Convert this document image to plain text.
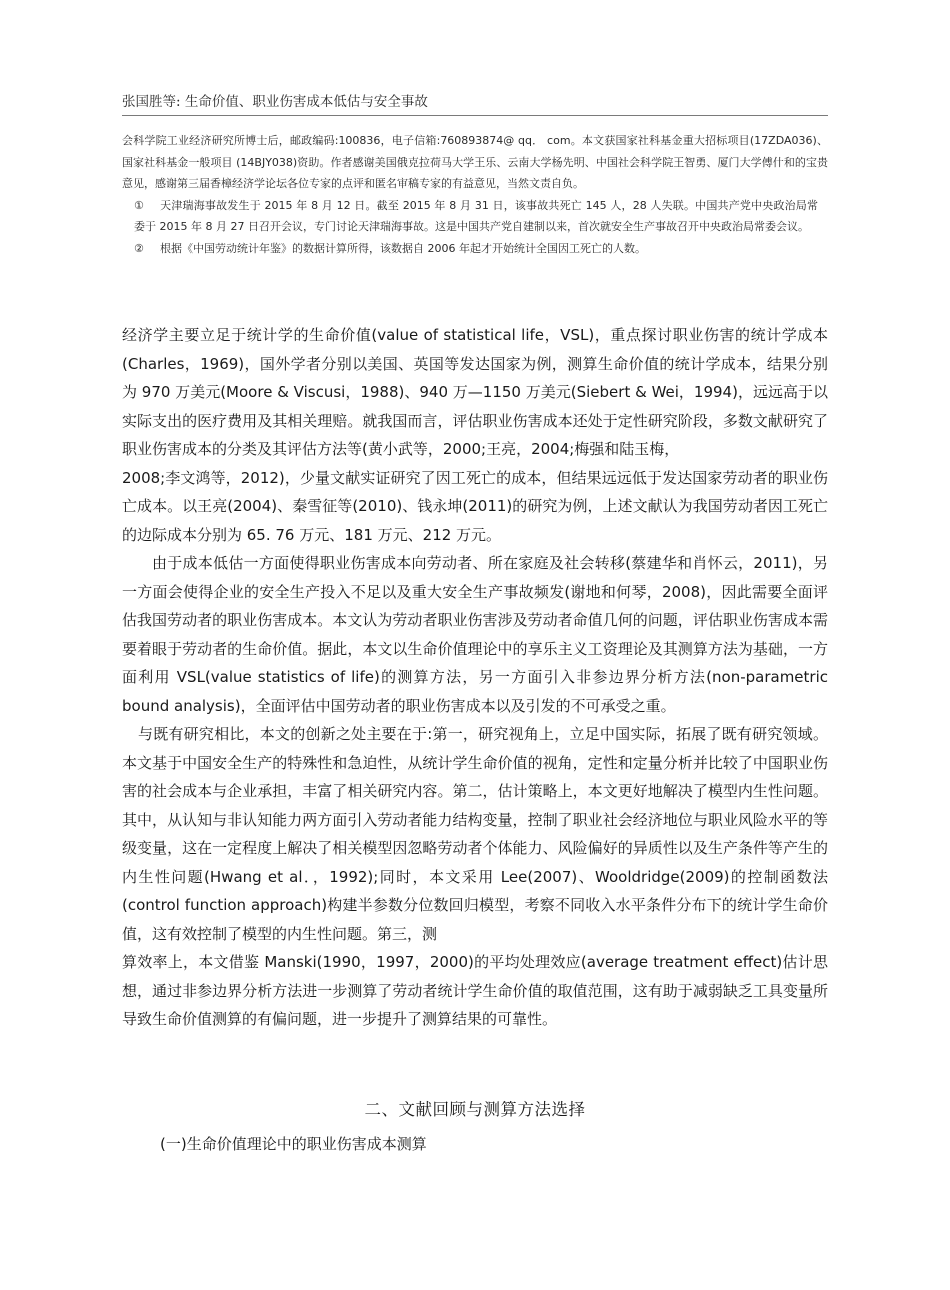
张国胜等: 生命价值、职业伤害成本低估与安全事故

会科学院工业经济研究所博士后，邮政编码:100836，电子信箱:760893874@ qq． com。本文获国家社科基金重大招标项目(17ZDA036)、国家社科基金一般项目 (14BJY038)资助。作者感谢美国俄克拉荷马大学王乐、云南大学杨先明、中国社会科学院王智勇、厦门大学傅什和的宝贵意见，感谢第三届香樟经济学论坛各位专家的点评和匿名审稿专家的有益意见，当然文责自负。

① 天津瑞海事故发生于 2015 年 8 月 12 日。截至 2015 年 8 月 31 日，该事故共死亡 145 人，28 人失联。中国共产党中央政治局常委于 2015 年 8 月 27 日召开会议，专门讨论天津瑞海事故。这是中国共产党自建制以来，首次就安全生产事故召开中央政治局常委会议。

② 根据《中国劳动统计年鉴》的数据计算所得，该数据自 2006 年起才开始统计全国因工死亡的人数。

经济学主要立足于统计学的生命价值(value of statistical life，VSL)，重点探讨职业伤害的统计学成本(Charles，1969)，国外学者分别以美国、英国等发达国家为例，测算生命价值的统计学成本，结果分别为 970 万美元(Moore & Viscusi，1988)、940 万—1150 万美元(Siebert & Wei，1994)，远远高于以实际支出的医疗费用及其相关理赔。就我国而言，评估职业伤害成本还处于定性研究阶段，多数文献研究了职业伤害成本的分类及其评估方法等(黄小武等，2000;王亮，2004;梅强和陆玉梅，

2008;李文鸿等，2012)，少量文献实证研究了因工死亡的成本，但结果远远低于发达国家劳动者的职业伤亡成本。以王亮(2004)、秦雪征等(2010)、钱永坤(2011)的研究为例，上述文献认为我国劳动者因工死亡的边际成本分别为 65. 76 万元、181 万元、212 万元。

由于成本低估一方面使得职业伤害成本向劳动者、所在家庭及社会转移(蔡建华和肖怀云，2011)，另一方面会使得企业的安全生产投入不足以及重大安全生产事故频发(谢地和何琴，2008)，因此需要全面评估我国劳动者的职业伤害成本。本文认为劳动者职业伤害涉及劳动者命值几何的问题，评估职业伤害成本需要着眼于劳动者的生命价值。据此，本文以生命价值理论中的享乐主义工资理论及其测算方法为基础，一方面利用 VSL(value statistics of life)的测算方法，另一方面引入非参边界分析方法(non-parametric bound analysis)，全面评估中国劳动者的职业伤害成本以及引发的不可承受之重。

与既有研究相比，本文的创新之处主要在于:第一，研究视角上，立足中国实际，拓展了既有研究领域。本文基于中国安全生产的特殊性和急迫性，从统计学生命价值的视角，定性和定量分析并比较了中国职业伤害的社会成本与企业承担，丰富了相关研究内容。第二，估计策略上，本文更好地解决了模型内生性问题。其中，从认知与非认知能力两方面引入劳动者能力结构变量，控制了职业社会经济地位与职业风险水平的等级变量，这在一定程度上解决了相关模型因忽略劳动者个体能力、风险偏好的异质性以及生产条件等产生的内生性问题(Hwang et al．，1992);同时，本文采用 Lee(2007)、Wooldridge(2009)的控制函数法(control function approach)构建半参数分位数回归模型，考察不同收入水平条件分布下的统计学生命价值，这有效控制了模型的内生性问题。第三，测

算效率上，本文借鉴 Manski(1990，1997，2000)的平均处理效应(average treatment effect)估计思想，通过非参边界分析方法进一步测算了劳动者统计学生命价值的取值范围，这有助于减弱缺乏工具变量所导致生命价值测算的有偏问题，进一步提升了测算结果的可靠性。

二、文献回顾与测算方法选择
(一)生命价值理论中的职业伤害成本测算
